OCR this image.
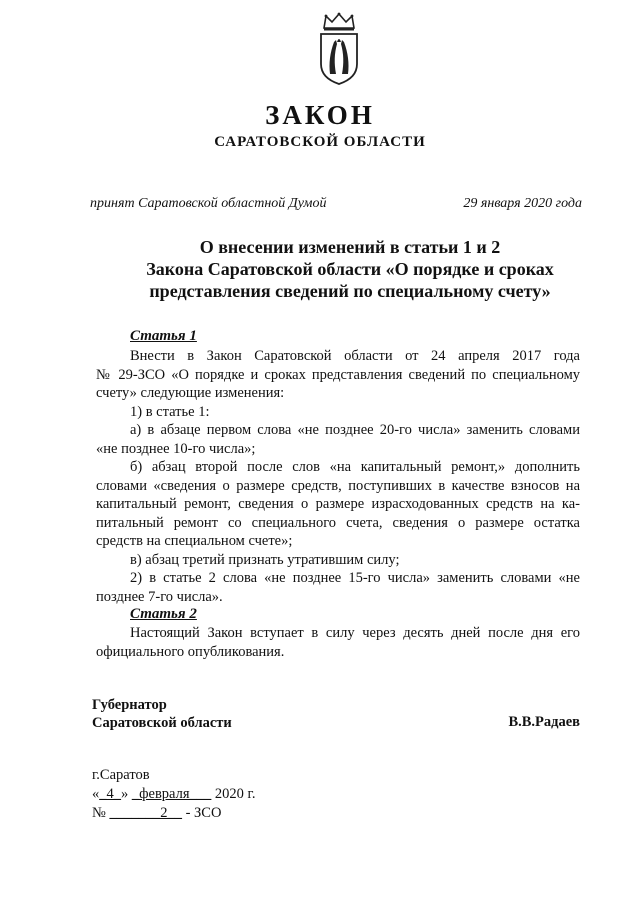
ЗАКОН
САРАТОВСКОЙ ОБЛАСТИ
принят Саратовской областной Думой	29 января 2020 года
О внесении изменений в статьи 1 и 2
Закона Саратовской области «О порядке и сроках
представления сведений по специальному счету»
Статья 1
Внести в Закон Саратовской области от 24 апреля 2017 года
№ 29-ЗСО «О порядке и сроках представления сведений по специальному
счету» следующие изменения:
1) в статье 1:
а) в абзаце первом слова «не позднее 20-го числа» заменить словами
«не позднее 10-го числа»;
б) абзац второй после слов «на капитальный ремонт,» дополнить
словами «сведения о размере средств, поступивших в качестве взносов на
капитальный ремонт, сведения о размере израсходованных средств на ка-
питальный ремонт со специального счета, сведения о размере остатка
средств на специальном счете»;
в) абзац третий признать утратившим силу;
2) в статье 2 слова «не позднее 15-го числа» заменить словами «не
позднее 7-го числа».
Статья 2
Настоящий Закон вступает в силу через десять дней после дня его
официального опубликования.
Губернатор
Саратовской области	В.В.Радаев
г.Саратов
«_4_» _февраля___ 2020 г.
№ _______2__ - ЗСО
